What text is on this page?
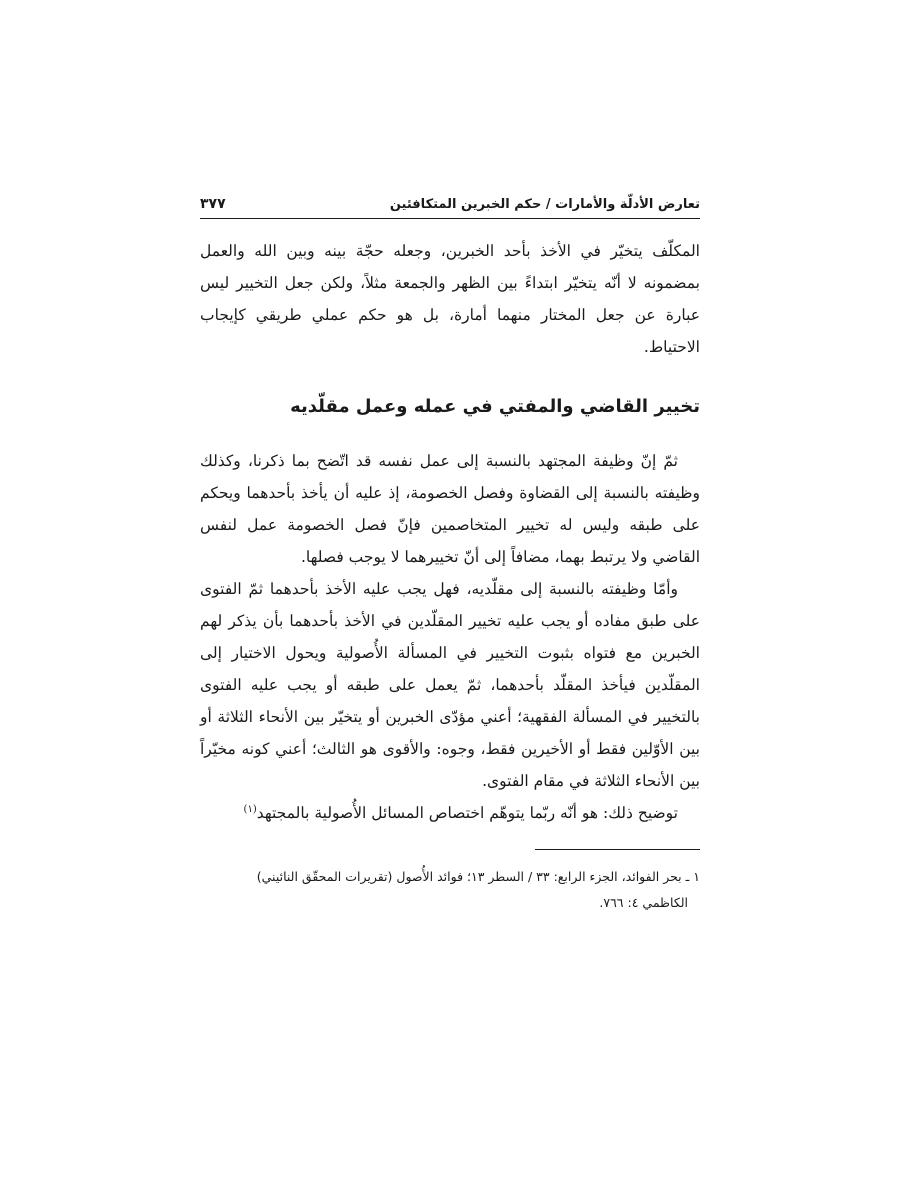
تعارض الأدلّة والأمارات / حكم الخبرين المتكافئين
٣٧٧

المكلّف يتخيّر في الأخذ بأحد الخبرين، وجعله حجّة بينه وبين الله والعمل بمضمونه لا أنّه يتخيّر ابتداءً بين الظهر والجمعة مثلاً، ولكن جعل التخيير ليس عبارة عن جعل المختار منهما أمارة، بل هو حكم عملي طريقي كإيجاب الاحتياط.

تخيير القاضي والمفتي في عمله وعمل مقلّديه

ثمّ إنّ وظيفة المجتهد بالنسبة إلى عمل نفسه قد اتّضح بما ذكرنا، وكذلك وظيفته بالنسبة إلى القضاوة وفصل الخصومة، إذ عليه أن يأخذ بأحدهما ويحكم على طبقه وليس له تخيير المتخاصمين فإنّ فصل الخصومة عمل لنفس القاضي ولا يرتبط بهما، مضافاً إلى أنّ تخييرهما لا يوجب فصلها.

وأمّا وظيفته بالنسبة إلى مقلّديه، فهل يجب عليه الأخذ بأحدهما ثمّ الفتوى على طبق مفاده أو يجب عليه تخيير المقلّدين في الأخذ بأحدهما بأن يذكر لهم الخبرين مع فتواه بثبوت التخيير في المسألة الأُصولية ويحول الاختيار إلى المقلّدين فيأخذ المقلّد بأحدهما، ثمّ يعمل على طبقه أو يجب عليه الفتوى بالتخيير في المسألة الفقهية؛ أعني مؤدّى الخبرين أو يتخيّر بين الأنحاء الثلاثة أو بين الأوّلين فقط أو الأخيرين فقط، وجوه: والأقوى هو الثالث؛ أعني كونه مخيّراً بين الأنحاء الثلاثة في مقام الفتوى.

توضيح ذلك: هو أنّه ربّما يتوهّم اختصاص المسائل الأُصولية بالمجتهد$^{(١)}$

١ ـ بحر الفوائد، الجزء الرابع: ٣٣ / السطر ١٣؛ فوائد الأُصول (تقريرات المحقّق النائيني)

الكاظمي ٤: ٧٦٦.
